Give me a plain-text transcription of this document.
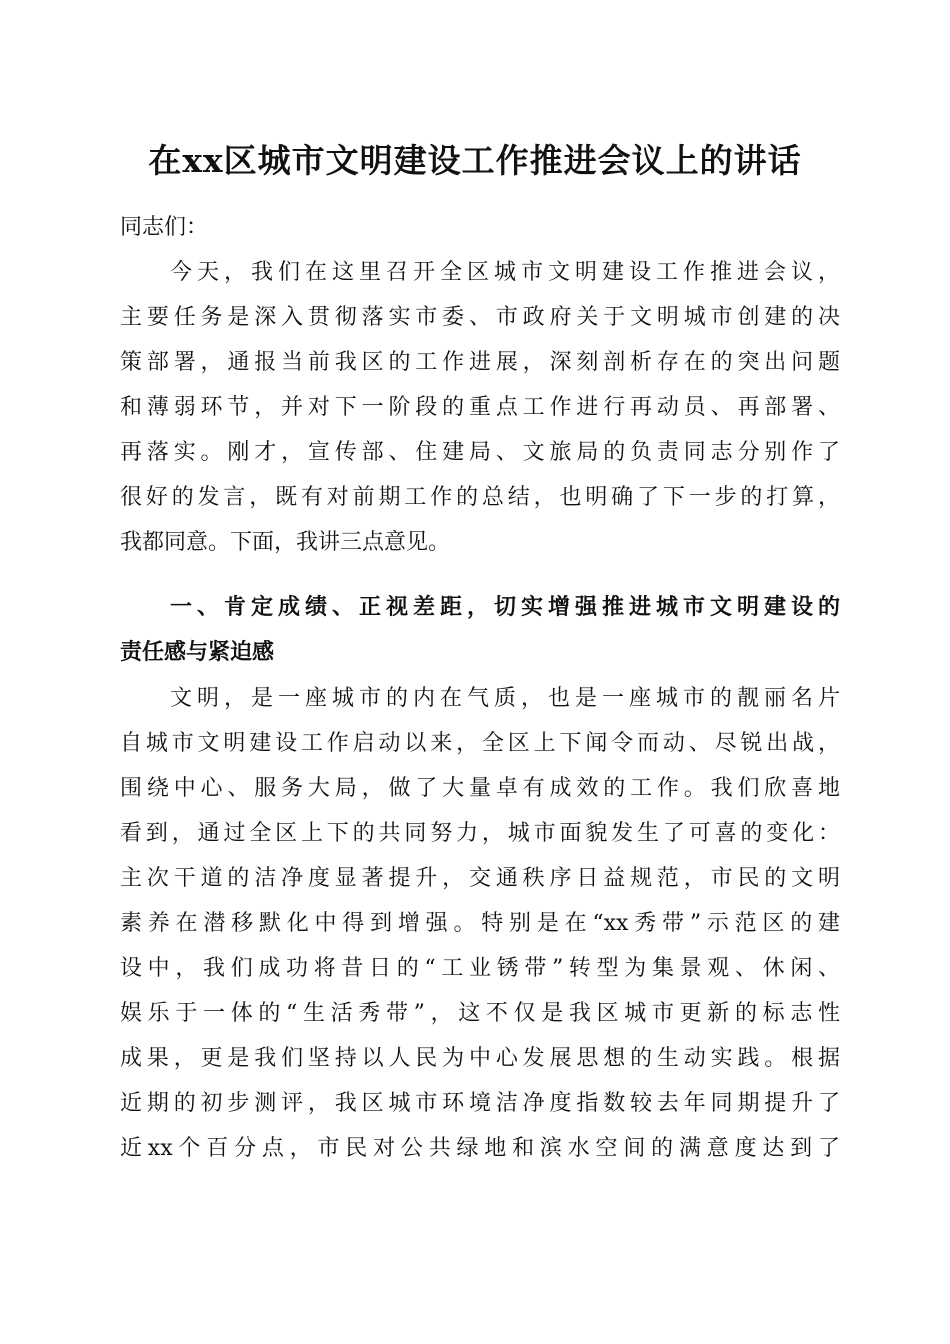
在xx区城市文明建设工作推进会议上的讲话
同志们：
今天，我们在这里召开全区城市文明建设工作推进会议，
主要任务是深入贯彻落实市委、市政府关于文明城市创建的决
策部署，通报当前我区的工作进展，深刻剖析存在的突出问题
和薄弱环节，并对下一阶段的重点工作进行再动员、再部署、
再落实。刚才，宣传部、住建局、文旅局的负责同志分别作了
很好的发言，既有对前期工作的总结，也明确了下一步的打算，
我都同意。下面，我讲三点意见。
一、肯定成绩、正视差距，切实增强推进城市文明建设的
责任感与紧迫感
文明，是一座城市的内在气质，也是一座城市的靓丽名片
自城市文明建设工作启动以来，全区上下闻令而动、尽锐出战，
围绕中心、服务大局，做了大量卓有成效的工作。我们欣喜地
看到，通过全区上下的共同努力，城市面貌发生了可喜的变化：
主次干道的洁净度显著提升，交通秩序日益规范，市民的文明
素养在潜移默化中得到增强。特别是在“xx秀带”示范区的建
设中，我们成功将昔日的“工业锈带”转型为集景观、休闲、
娱乐于一体的“生活秀带”，这不仅是我区城市更新的标志性
成果，更是我们坚持以人民为中心发展思想的生动实践。根据
近期的初步测评，我区城市环境洁净度指数较去年同期提升了
近xx个百分点，市民对公共绿地和滨水空间的满意度达到了
